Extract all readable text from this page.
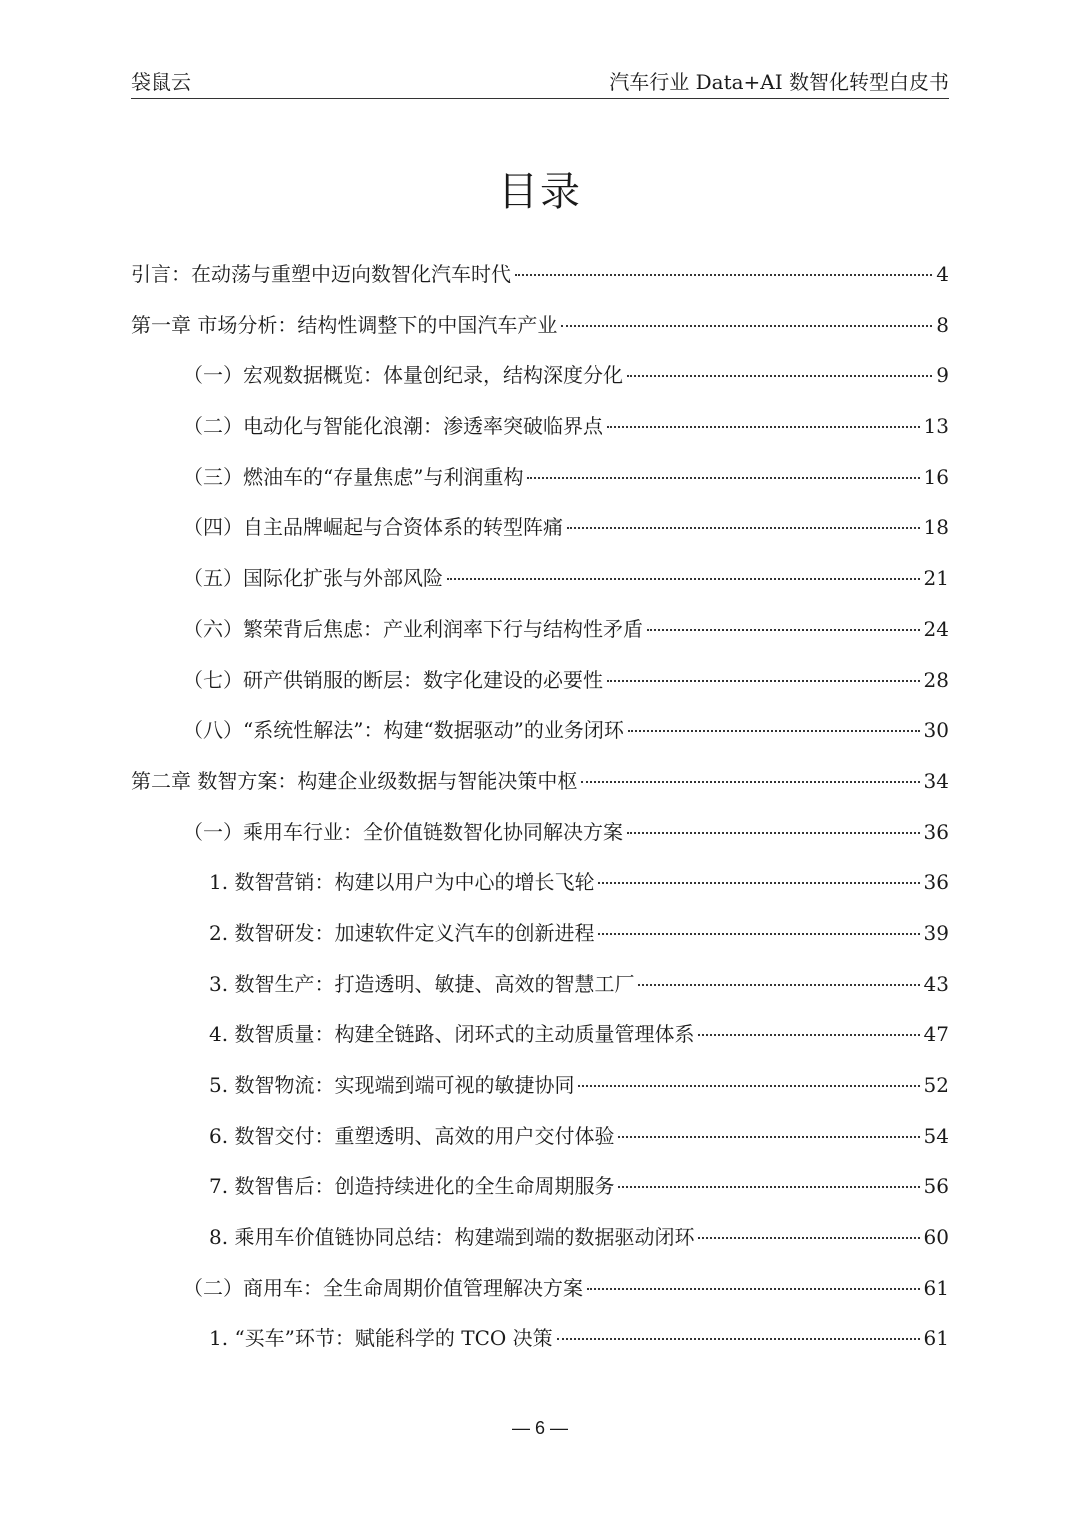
袋鼠云	汽车行业 Data+AI 数智化转型白皮书
目录
引言：在动荡与重塑中迈向数智化汽车时代	4
第一章 市场分析：结构性调整下的中国汽车产业	8
（一）宏观数据概览：体量创纪录，结构深度分化	9
（二）电动化与智能化浪潮：渗透率突破临界点	13
（三）燃油车的“存量焦虑”与利润重构	16
（四）自主品牌崛起与合资体系的转型阵痛	18
（五）国际化扩张与外部风险	21
（六）繁荣背后焦虑：产业利润率下行与结构性矛盾	24
（七）研产供销服的断层：数字化建设的必要性	28
（八）“系统性解法”：构建“数据驱动”的业务闭环	30
第二章 数智方案：构建企业级数据与智能决策中枢	34
（一）乘用车行业：全价值链数智化协同解决方案	36
1. 数智营销：构建以用户为中心的增长飞轮	36
2. 数智研发：加速软件定义汽车的创新进程	39
3. 数智生产：打造透明、敏捷、高效的智慧工厂	43
4. 数智质量：构建全链路、闭环式的主动质量管理体系	47
5. 数智物流：实现端到端可视的敏捷协同	52
6. 数智交付：重塑透明、高效的用户交付体验	54
7. 数智售后：创造持续进化的全生命周期服务	56
8. 乘用车价值链协同总结：构建端到端的数据驱动闭环	60
（二）商用车：全生命周期价值管理解决方案	61
1. “买车”环节：赋能科学的 TCO 决策	61
— 6 —
